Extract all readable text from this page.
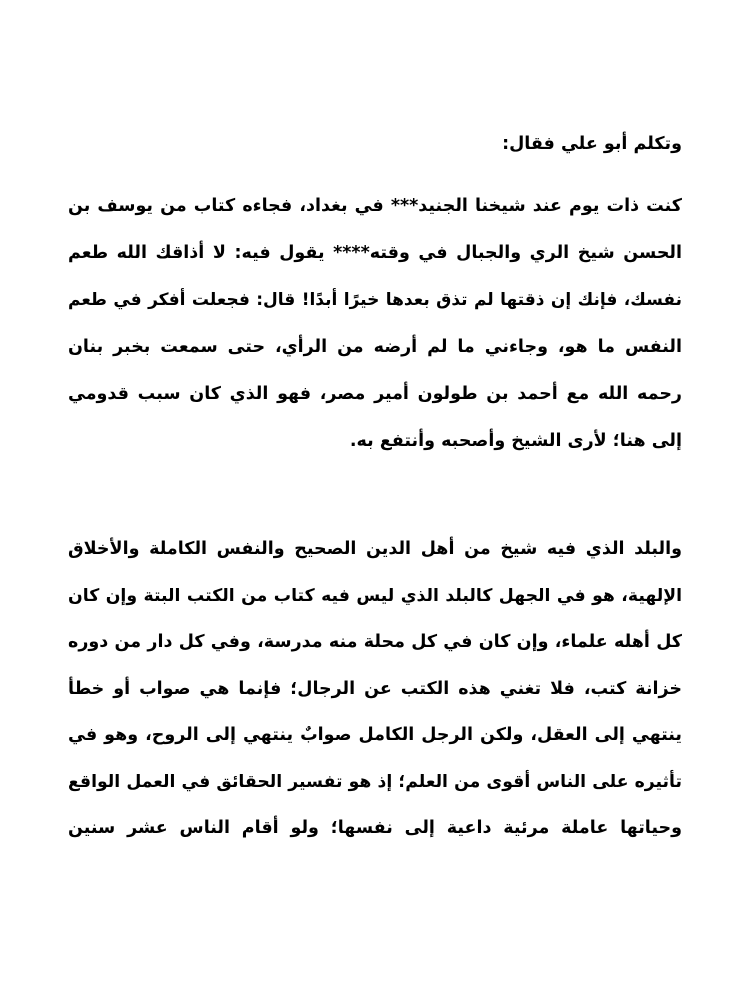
وتكلم أبو علي فقال:
كنت ذات يوم عند شيخنا الجنيد*** في بغداد، فجاءه كتاب من يوسف بن
الحسن شيخ الري والجبال في وقته**** يقول فيه: لا أذاقك الله طعم
نفسك، فإنك إن ذقتها لم تذق بعدها خيرًا أبدًا! قال: فجعلت أفكر في طعم
النفس ما هو، وجاءني ما لم أرضه من الرأي، حتى سمعت بخبر بنان
رحمه الله مع أحمد بن طولون أمير مصر، فهو الذي كان سبب قدومي
إلى هنا؛ لأرى الشيخ وأصحبه وأنتفع به.
والبلد الذي فيه شيخ من أهل الدين الصحيح والنفس الكاملة والأخلاق
الإلهية، هو في الجهل كالبلد الذي ليس فيه كتاب من الكتب البتة وإن كان
كل أهله علماء، وإن كان في كل محلة منه مدرسة، وفي كل دار من دوره
خزانة كتب، فلا تغني هذه الكتب عن الرجال؛ فإنما هي صواب أو خطأ
ينتهي إلى العقل، ولكن الرجل الكامل صوابٌ ينتهي إلى الروح، وهو في
تأثيره على الناس أقوى من العلم؛ إذ هو تفسير الحقائق في العمل الواقع
وحياتها عاملة مرئية داعية إلى نفسها؛ ولو أقام الناس عشر سنين
